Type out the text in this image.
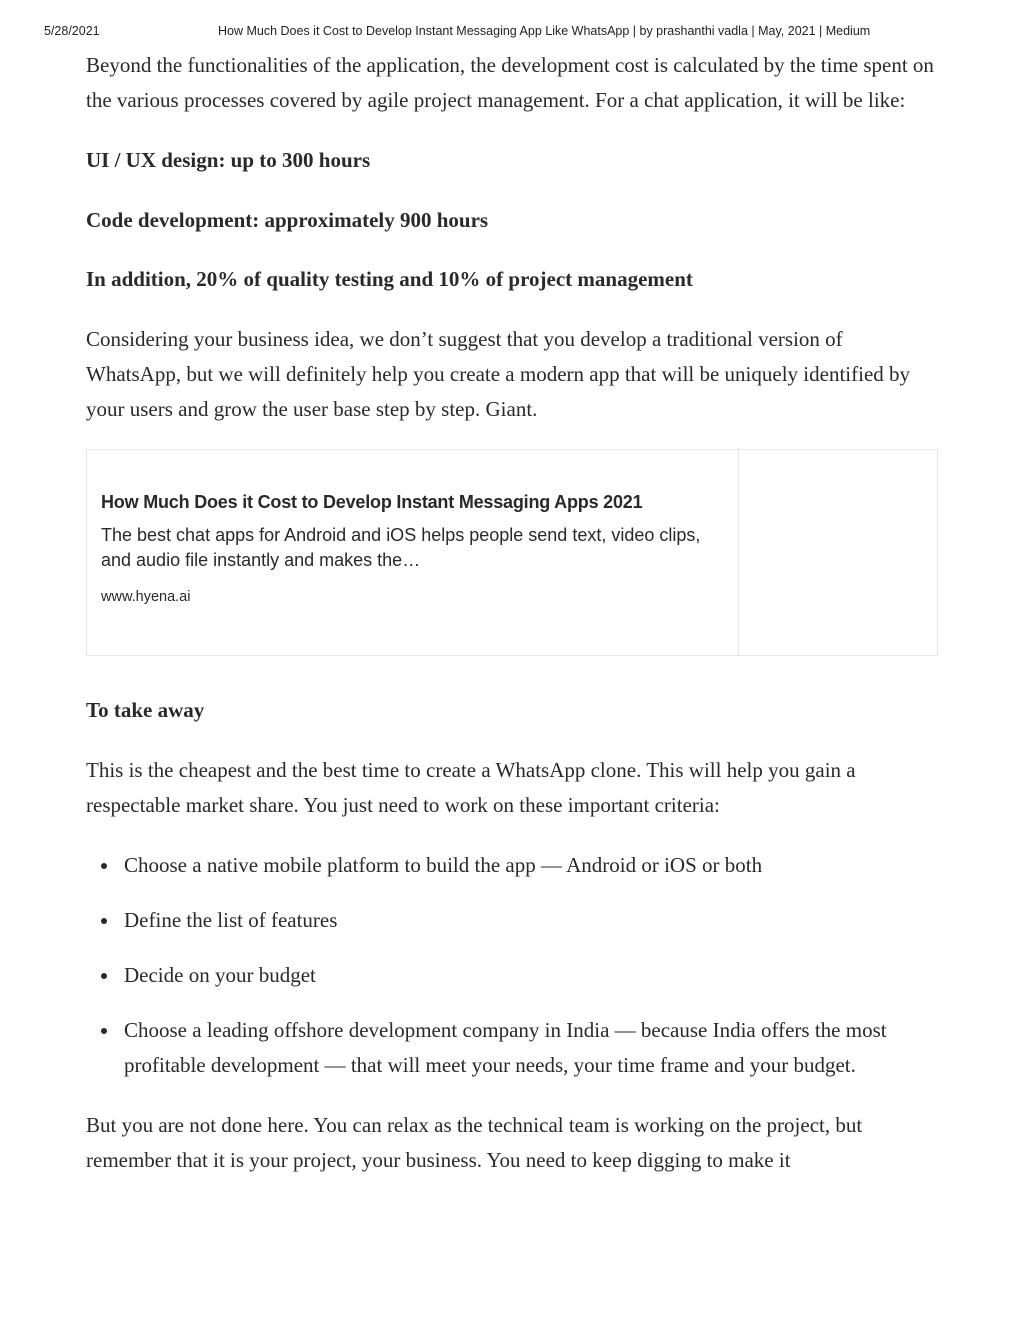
5/28/2021	How Much Does it Cost to Develop Instant Messaging App Like WhatsApp | by prashanthi vadla | May, 2021 | Medium

Beyond the functionalities of the application, the development cost is calculated by the time spent on the various processes covered by agile project management. For a chat application, it will be like:

UI / UX design: up to 300 hours

Code development: approximately 900 hours

In addition, 20% of quality testing and 10% of project management

Considering your business idea, we don’t suggest that you develop a traditional version of WhatsApp, but we will definitely help you create a modern app that will be uniquely identified by your users and grow the user base step by step. Giant.

How Much Does it Cost to Develop Instant Messaging Apps 2021
The best chat apps for Android and iOS helps people send text, video clips, and audio file instantly and makes the…
www.hyena.ai

To take away

This is the cheapest and the best time to create a WhatsApp clone. This will help you gain a respectable market share. You just need to work on these important criteria:

Choose a native mobile platform to build the app — Android or iOS or both
Define the list of features
Decide on your budget
Choose a leading offshore development company in India — because India offers the most profitable development — that will meet your needs, your time frame and your budget.

But you are not done here. You can relax as the technical team is working on the project, but remember that it is your project, your business. You need to keep digging to make it
